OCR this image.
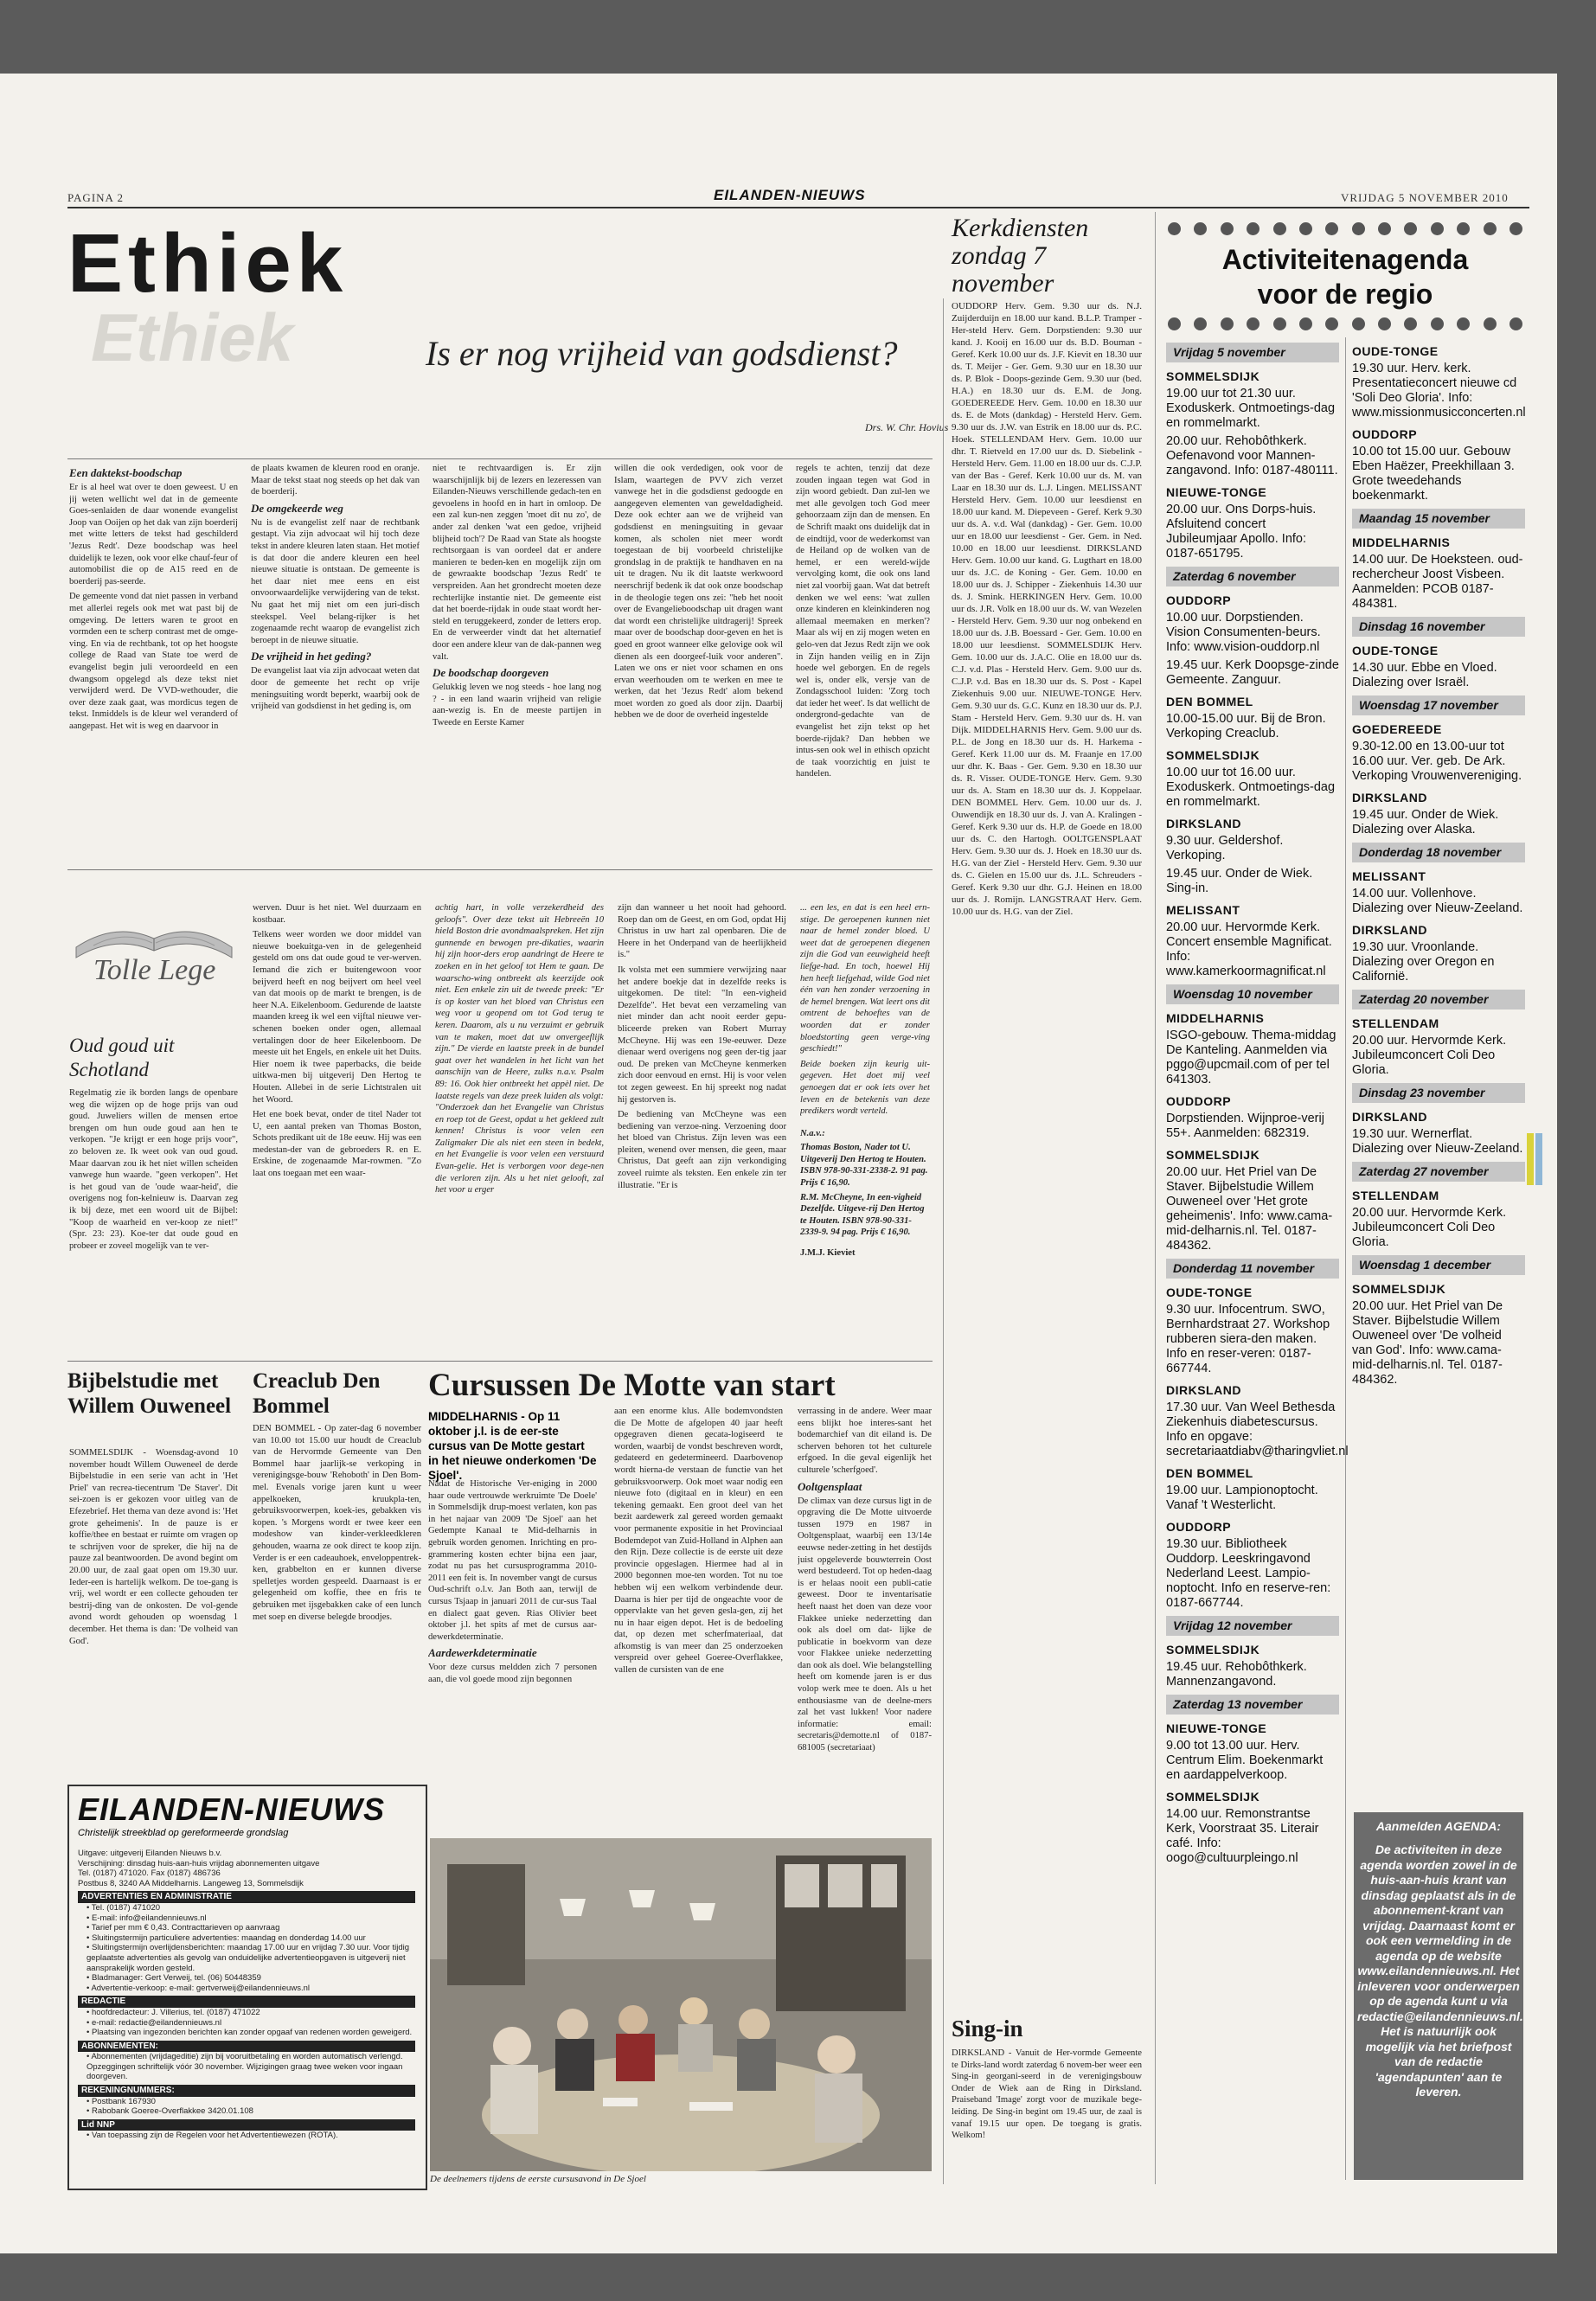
PAGINA 2	EILANDEN-NIEUWS	VRIJDAG 5 NOVEMBER 2010
Ethiek
Ethiek	Is er nog vrijheid van godsdienst?
Drs. W. Chr. Hovius
Een daktekst-boodschap

Er is al heel wat over te doen geweest. U en jij weten wellicht wel dat in de gemeente Goes-senlaiden de daar wonende evangelist Joop van Ooijen op het dak van zijn boerderij met witte letters de tekst had geschilderd 'Jezus Redt'. Deze boodschap was heel duidelijk te lezen, ook voor elke chauf-feur of automobilist die op de A15 reed en de boerderij pas-seerde.

De gemeente vond dat niet passen in verband met allerlei regels ook met wat past bij de omgeving. De letters waren te groot en vormden een te scherp contrast met de omge-ving. En via de rechtbank, tot op het hoogste college de Raad van State toe werd de evangelist begin juli veroordeeld en een dwangsom opgelegd als deze tekst niet verwijderd werd. De VVD-wethouder, die over deze zaak gaat, was mordicus tegen de tekst. Inmiddels is de kleur wel veranderd of aangepast. Het wit is weg en daarvoor in

de plaats kwamen de kleuren rood en oranje. Maar de tekst staat nog steeds op het dak van de boerderij.

De omgekeerde weg

Nu is de evangelist zelf naar de rechtbank gestapt. Via zijn advocaat wil hij toch deze tekst in andere kleuren laten staan. Het motief is dat door die andere kleuren een heel nieuwe situatie is ontstaan. De gemeente is het daar niet mee eens en eist onvoorwaardelijke verwijdering van de tekst. Nu gaat het mij niet om een juri-disch steekspel. Veel belang-rijker is het zogenaamde recht waarop de evangelist zich beroept in de nieuwe situatie.

De vrijheid in het geding?

De evangelist laat via zijn advocaat weten dat door de gemeente het recht op vrije meningsuiting wordt beperkt, waarbij ook de vrijheid van godsdienst in het geding is, om

niet te rechtvaardigen is. Er zijn waarschijnlijk bij de lezers en lezeressen van Eilanden-Nieuws verschillende gedach-ten en gevoelens in hoofd en in hart in omloop. De een zal kun-nen zeggen 'moet dit nu zo', de ander zal denken 'wat een gedoe, vrijheid blijheid toch'? De Raad van State als hoogste rechtsorgaan is van oordeel dat er andere manieren te beden-ken en mogelijk zijn om de gewraakte boodschap 'Jezus Redt' te verspreiden. Aan het grondrecht moeten deze rechterlijke instantie niet. De gemeente eist dat het boerde-rijdak in oude staat wordt her-steld en teruggekeerd, zonder de letters erop. En de verweerder vindt dat het alternatief door een andere kleur van de dak-pannen weg valt.

De boodschap doorgeven

Gelukkig leven we nog steeds - hoe lang nog ? - in een land waarin vrijheid van religie aan-wezig is. En de meeste partijen in Tweede en Eerste Kamer

willen die ook verdedigen, ook voor de Islam, waartegen de PVV zich verzet vanwege het in die godsdienst gedoogde en aangegeven elementen van geweldadigheid. Deze ook echter aan we de vrijheid van godsdienst en meningsuiting in gevaar komen, als scholen niet meer wordt toegestaan de bij voorbeeld christelijke grondslag in de praktijk te handhaven en na uit te dragen. Nu ik dit laatste werkwoord neerschrijf bedenk ik dat ook onze boodschap in de theologie tegen ons zei: "heb het nooit over de Evangelieboodschap uit dragen want dat wordt een christelijke uitdragerij! Spreek maar over de boodschap door-geven en het is goed en groot wanneer elke gelovige ook wil dienen als een doorgeef-luik voor anderen". Laten we ons er niet voor schamen en ons ervan weerhouden om te werken en mee te werken, dat het 'Jezus Redt' alom bekend moet worden zo goed als door zijn. Daarbij hebben we de door de overheid ingestelde

regels te achten, tenzij dat deze zouden ingaan tegen wat God in zijn woord gebiedt. Dan zul-len we met alle gevolgen toch God meer gehoorzaam zijn dan de mensen. En de Schrift maakt ons duidelijk dat in de eindtijd, voor de wederkomst van de Heiland op de wolken van de hemel, er een wereld-wijde vervolging komt, die ook ons land niet zal voorbij gaan. Wat dat betreft denken we wel eens: 'wat zullen onze kinderen en kleinkinderen nog allemaal meemaken en merken'? Maar als wij en zij mogen weten en gelo-ven dat Jezus Redt zijn we ook in Zijn handen veilig en in Zijn hoede wel geborgen. En de regels wel is, onder elk, versje van de Zondagsschool luiden: 'Zorg toch dat ieder het weet'. Is dat wellicht de ondergrond-gedachte van de evangelist het zijn tekst op het boerde-rijdak? Dan hebben we intus-sen ook wel in ethisch opzicht de taak voorzichtig en juist te handelen.

Tolle Lege
Oud goud uit Schotland

Regelmatig zie ik borden langs de openbare weg die wijzen op de hoge prijs van oud goud. Juweliers willen de mensen ertoe brengen om hun oude goud aan hen te verkopen. "Je krijgt er een hoge prijs voor", zo beloven ze. Ik weet ook van oud goud. Maar daarvan zou ik het niet willen scheiden vanwege hun waarde. "geen verkopen". Het is het goud van de 'oude waar-heid', die overigens nog fon-kelnieuw is. Daarvan zeg ik bij deze, met een woord uit de Bijbel: "Koop de waarheid en ver-koop ze niet!" (Spr. 23: 23). Koe-ter dat oude goud en probeer er zoveel mogelijk van te ver-

werven. Duur is het niet. Wel duurzaam en kostbaar.

Telkens weer worden we door middel van nieuwe boekuitga-ven in de gelegenheid gesteld om ons dat oude goud te ver-werven. Iemand die zich er buitengewoon voor beijverd heeft en nog beijvert om heel veel van dat moois op de markt te brengen, is de heer N.A. Eikelenboom. Gedurende de laatste maanden kreeg ik wel een vijftal nieuwe ver-schenen boeken onder ogen, allemaal vertalingen door de heer Eikelenboom. De meeste uit het Engels, en enkele uit het Duits. Hier noem ik twee paperbacks, die beide uitkwa-men bij uitgeverij Den Hertog te Houten. Allebei in de serie Lichtstralen uit het Woord.

Het ene boek bevat, onder de titel Nader tot U, een aantal preken van Thomas Boston, Schots predikant uit de 18e eeuw. Hij was een medestan-der van de gebroeders R. en E. Erskine, de zogenaamde Mar-rowmen. "Zo laat ons toegaan met een waar-

achtig hart, in volle verzekerdheid des geloofs". Over deze tekst uit Hebreeën 10 hield Boston drie avondmaalspreken. Het zijn gunnende en bewogen pre-dikaties, waarin hij zijn hoor-ders erop aandringt de Heere te zoeken en in het geloof tot Hem te gaan. De waarscho-wing ontbreekt als keerzijde ook niet. Een enkele zin uit de tweede preek: "Er is op koster van het bloed van Christus een weg voor u geopend om tot God terug te keren. Daarom, als u nu verzuimt er gebruik van te maken, moet dat uw onvergeeflijk zijn." De vierde en laatste preek in de bundel gaat over het wandelen in het licht van het aanschijn van de Heere, zulks n.a.v. Psalm 89: 16. Ook hier ontbreekt het appèl niet. De laatste regels van deze preek luiden als volgt: "Onderzoek dan het Evangelie van Christus en roep tot de Geest, opdat u het gekleed zult kennen! Christus is voor velen een Zaligmaker Die als niet een steen in bedekt, en het Evangelie is voor velen een verstuurd Evan-gelie. Het is verborgen voor dege-nen die verloren zijn. Als u het niet gelooft, zal het voor u erger

zijn dan wanneer u het nooit had gehoord. Roep dan om de Geest, en om God, opdat Hij Christus in uw hart zal openbaren. Die de Heere in het Onderpand van de heerlijkheid is."

Ik volsta met een summiere verwijzing naar het andere boekje dat in dezelfde reeks is uitgekomen. De titel: "In een-vigheid Dezelfde". Het bevat een verzameling van niet minder dan acht nooit eerder gepu-bliceerde preken van Robert Murray McCheyne. Hij was een 19e-eeuwer. Deze dienaar werd overigens nog geen der-tig jaar oud. De preken van McCheyne kenmerken zich door eenvoud en ernst. Hij is voor velen tot zegen geweest. En hij spreekt nog nadat hij gestorven is.

De bediening van McCheyne was een bediening van verzoe-ning. Verzoening door het bloed van Christus. Zijn leven was een pleiten, wenend over mensen, die geen, maar Christus, Dat geeft aan zijn verkondiging zoveel ruimte als teksten. Een enkele zin ter illustratie. "Er is

... een les, en dat is een heel ern-stige. De geroepenen kunnen niet naar de hemel zonder bloed. U weet dat de geroepenen diegenen zijn die God van eeuwigheid heeft liefge-had. En toch, hoewel Hij hen heeft liefgehad, wilde God niet één van hen zonder verzoening in de hemel brengen. Wat leert ons dit omtrent de behoeftes van de woorden dat er zonder bloedstorting geen verge-ving geschiedt!"

Beide boeken zijn keurig uit-gegeven. Het doet mij veel genoegen dat er ook iets over het leven en de betekenis van deze predikers wordt verteld.

N.a.v.:
Thomas Boston, Nader tot U. Uitgeverij Den Hertog te Houten. ISBN 978-90-331-2338-2. 91 pag. Prijs € 16,90.
R.M. McCheyne, In een-vigheid Dezelfde. Uitgeve-rij Den Hertog te Houten. ISBN 978-90-331-2339-9. 94 pag. Prijs € 16,90.
J.M.J. Kieviet
Bijbelstudie met Willem Ouweneel
SOMMELSDIJK - Woensdag-avond 10 november houdt Willem Ouweneel de derde Bijbelstudie in een serie van acht in 'Het Priel' van recrea-tiecentrum 'De Staver'. Dit sei-zoen is er gekozen voor uitleg van de Efezebrief. Het thema van deze avond is: 'Het grote geheimenis'. In de pauze is er koffie/thee en bestaat er ruimte om vragen op te schrijven voor de spreker, die hij na de pauze zal beantwoorden. De avond begint om 20.00 uur, de zaal gaat open om 19.30 uur. Ieder-een is hartelijk welkom. De toe-gang is vrij, wel wordt er een collecte gehouden ter bestrij-ding van de onkosten. De vol-gende avond wordt gehouden op woensdag 1 december. Het thema is dan: 'De volheid van God'.
Creaclub Den Bommel
DEN BOMMEL - Op zater-dag 6 november van 10.00 tot 15.00 uur houdt de Creaclub van de Hervormde Gemeente van Den Bommel haar jaarlijk-se verkoping in verenigingsge-bouw 'Rehoboth' in Den Bom-mel. Evenals vorige jaren kunt u weer appelkoeken, kruukpla-ten, gebruiksvoorwerpen, koek-ies, gebakken vis kopen. 's Morgens wordt er twee keer een modeshow van kinder-verkleedkleren gehouden, waarna ze ook direct te koop zijn. Verder is er een cadeauhoek, enveloppentrek-ken, grabbelton en er kunnen diverse spelletjes worden gespeeld. Daarnaast is er gelegenheid om koffie, thee en fris te gebruiken met ijsgebakken cake of een lunch met soep en diverse belegde broodjes.
EILANDEN-NIEUWS
Christelijk streekblad op gereformeerde grondslag
Uitgave: uitgeverij Eilanden Nieuws b.v.
Verschijning: dinsdag huis-aan-huis vrijdag abonnementen uitgave
Tel. (0187) 471020. Fax (0187) 486736
Postbus 8, 3240 AA Middelharnis. Langeweg 13, Sommelsdijk
ADVERTENTIES EN ADMINISTRATIE
• Tel. (0187) 471020
• E-mail: info@eilandennieuws.nl
• Tarief per mm € 0,43. Contracttarieven op aanvraag
• Sluitingstermijn particuliere advertenties: maandag en donderdag 14.00 uur
• Sluitingstermijn overlijdensberichten: maandag 17.00 uur en vrijdag 7.30 uur. Voor tijdig geplaatste advertenties als gevolg van onduidelijke advertentieopgaven is uitgeverij niet aansprakelijk worden gesteld.
• Bladmanager: Gert Verweij, tel. (06) 50448359
• Advertentie-verkoop: e-mail: gertverweij@eilandennieuws.nl
REDACTIE
• hoofdredacteur: J. Villerius, tel. (0187) 471022
• e-mail: redactie@eilandennieuws.nl
• Plaatsing van ingezonden berichten kan zonder opgaaf van redenen worden geweigerd.
ABONNEMENTEN:
• Abonnementen (vrijdageditie) zijn bij vooruitbetaling en worden automatisch verlengd. Opzeggingen schriftelijk vóór 30 november. Wijzigingen graag twee weken voor ingaan doorgeven.
REKENINGNUMMERS:
• Postbank 167930
• Rabobank Goeree-Overflakkee 3420.01.108
Lid NNP
• Van toepassing zijn de Regelen voor het Advertentiewezen (ROTA).
Cursussen De Motte van start
MIDDELHARNIS - Op 11 oktober j.l. is de eer-ste cursus van De Motte gestart in het nieuwe onderkomen 'De Sjoel'.

Nadat de Historische Ver-eniging in 2000 haar oude vertrouwde werkruimte 'De Doele' in Sommelsdijk drup-moest verlaten, kon pas in het najaar van 2009 'De Sjoel' aan het Gedempte Kanaal te Mid-delharnis in gebruik worden genomen. Inrichting en pro-grammering kosten echter bijna een jaar, zodat nu pas het cursusprogramma 2010-2011 een feit is. In november vangt de cursus Oud-schrift o.l.v. Jan Both aan, terwijl de cursus Tsjaap in januari 2011 de cur-sus Taal en dialect gaat geven. Rias Olivier beet oktober j.l. het spits af met de cursus aar-dewerkdeterminatie.

Aardewerkdeterminatie

Voor deze cursus meldden zich 7 personen aan, die vol goede mood zijn begonnen

aan een enorme klus. Alle bodemvondsten die De Motte de afgelopen 40 jaar heeft opgegraven dienen gecata-logiseerd te worden, waarbij de vondst beschreven wordt, gedateerd en gedetermineerd. Daarbovenop wordt hierna-de verstaan de functie van het gebruiksvoorwerp. Ook moet waar nodig een nieuwe foto (digitaal en in kleur) en een tekening gemaakt. Een groot deel van het bezit aardewerk zal gereed worden gemaakt voor permanente expositie in het Provinciaal Bodemdepot van Zuid-Holland in Alphen aan den Rijn. Deze collectie is de eerste uit deze provincie opgeslagen. Hiermee had al in 2000 begonnen moe-ten worden. Tot nu toe hebben wij een welkom verbindende deur. Daarna is hier per tijd de ongeachte voor de oppervlakte van het geven gesla-gen, zij het nu in haar eigen depot. Het is de bedoeling dat, op dezen met scherfmateriaal, dat afkomstig is van meer dan 25 onderzoeken verspreid over geheel Goeree-Overflakkee, vallen de cursisten van de ene

verrassing in de andere. Weer maar eens blijkt hoe interes-sant het bodemarchief van dit eiland is. De scherven behoren tot het culturele erfgoed. In die geval eigenlijk het culturele 'scherfgoed'.

Ooltgensplaat

De climax van deze cursus ligt in de opgraving die De Motte uitvoerde tussen 1979 en 1987 in Ooltgensplaat, waarbij een 13/14e eeuwse neder-zetting in het destijds juist opgeleverde bouwterrein Oost werd bestudeerd. Tot op heden-daag is er helaas nooit een publi-catie geweest. Door te inventarisatie heeft naast het doen van deze voor Flakkee unieke nederzetting dan ook als doel om dat- lijke de publicatie in boekvorm van deze voor Flakkee unieke nederzetting dan ook als doel. Wie belangstelling heeft om komende jaren is er dus volop werk mee te doen. Als u het enthousiasme van de deelne-mers zal het vast lukken! Voor nadere informatie: email: secretaris@demotte.nl of 0187-681005 (secretariaat)

De deelnemers tijdens de eerste cursusavond in De Sjoel
Kerkdiensten zondag 7 november
OUDDORP Herv. Gem. 9.30 uur ds. N.J. Zuijderduijn en 18.00 uur kand. B.L.P. Tramper - Her-steld Herv. Gem. Dorpstienden: 9.30 uur kand. J. Kooij en 16.00 uur ds. B.D. Bouman - Geref. Kerk 10.00 uur ds. J.F. Kievit en 18.30 uur ds. T. Meijer - Ger. Gem. 9.30 uur en 18.30 uur ds. P. Blok - Doops-gezinde Gem. 9.30 uur (bed. H.A.) en 18.30 uur ds. E.M. de Jong. GOEDEREEDE Herv. Gem. 10.00 en 18.30 uur ds. E. de Mots (dankdag) - Hersteld Herv. Gem. 9.30 uur ds. J.W. van Estrik en 18.00 uur ds. P.C. Hoek. STELLENDAM Herv. Gem. 10.00 uur dhr. T. Rietveld en 17.00 uur ds. D. Siebelink - Hersteld Herv. Gem. 11.00 en 18.00 uur ds. C.J.P. van der Bas - Geref. Kerk 10.00 uur ds. M. van Laar en 18.30 uur ds. L.J. Lingen. MELISSANT Hersteld Herv. Gem. 10.00 uur leesdienst en 18.00 uur kand. M. Diepeveen - Geref. Kerk 9.30 uur ds. A. v.d. Wal (dankdag) - Ger. Gem. 10.00 uur en 18.00 uur leesdienst - Ger. Gem. in Ned. 10.00 en 18.00 uur leesdienst. DIRKSLAND Herv. Gem. 10.00 uur kand. G. Lugthart en 18.00 uur ds. J.C. de Koning - Ger. Gem. 10.00 en 18.00 uur ds. J. Schipper - Ziekenhuis 14.30 uur ds. J. Smink. HERKINGEN Herv. Gem. 10.00 uur ds. J.R. Volk en 18.00 uur ds. W. van Wezelen - Hersteld Herv. Gem. 9.30 uur nog onbekend en 18.00 uur ds. J.B. Boessard - Ger. Gem. 10.00 en 18.00 uur leesdienst. SOMMELSDIJK Herv. Gem. 10.00 uur ds. J.A.C. Olie en 18.00 uur ds. C.J. v.d. Plas - Hersteld Herv. Gem. 9.00 uur ds. C.J.P. v.d. Bas en 18.30 uur ds. S. Post - Kapel Ziekenhuis 9.00 uur. NIEUWE-TONGE Herv. Gem. 9.30 uur ds. G.C. Kunz en 18.30 uur ds. P.J. Stam - Hersteld Herv. Gem. 9.30 uur ds. H. van Dijk. MIDDELHARNIS Herv. Gem. 9.00 uur ds. P.L. de Jong en 18.30 uur ds. H. Harkema - Geref. Kerk 11.00 uur ds. M. Fraanje en 17.00 uur dhr. K. Baas - Ger. Gem. 9.30 en 18.30 uur ds. R. Visser. OUDE-TONGE Herv. Gem. 9.30 uur ds. A. Stam en 18.30 uur ds. J. Koppelaar. DEN BOMMEL Herv. Gem. 10.00 uur ds. J. Ouwendijk en 18.30 uur ds. J. van A. Kralingen - Geref. Kerk 9.30 uur ds. H.P. de Goede en 18.00 uur ds. C. den Hartogh. OOLTGENSPLAAT Herv. Gem. 9.30 uur ds. J. Hoek en 18.30 uur ds. H.G. van der Ziel - Hersteld Herv. Gem. 9.30 uur ds. C. Gielen en 15.00 uur ds. J.L. Schreuders - Geref. Kerk 9.30 uur dhr. G.J. Heinen en 18.00 uur ds. J. Romijn. LANGSTRAAT Herv. Gem. 10.00 uur ds. H.G. van der Ziel.
Sing-in
DIRKSLAND - Vanuit de Her-vormde Gemeente te Dirks-land wordt zaterdag 6 novem-ber weer een Sing-in georgani-seerd in de verenigingsbouw Onder de Wiek aan de Ring in Dirksland. Praiseband 'Image' zorgt voor de muzikale bege-leiding. De Sing-in begint om 19.45 uur, de zaal is vanaf 19.15 uur open. De toegang is gratis. Welkom!
Activiteitenagenda
voor de regio
Vrijdag 5 november
SOMMELSDIJK
19.00 uur tot 21.30 uur. Exoduskerk. Ontmoetings-dag en rommelmarkt.
20.00 uur. Rehobôthkerk. Oefenavond voor Mannen-zangavond. Info: 0187-480111.
NIEUWE-TONGE
20.00 uur. Ons Dorps-huis. Afsluitend concert Jubileumjaar Apollo. Info: 0187-651795.
Zaterdag 6 november
OUDDORP
10.00 uur. Dorpstienden. Vision Consumenten-beurs. Info: www.vision-ouddorp.nl
19.45 uur. Kerk Doopsge-zinde Gemeente. Zanguur.
DEN BOMMEL
10.00-15.00 uur. Bij de Bron. Verkoping Creaclub.
SOMMELSDIJK
10.00 uur tot 16.00 uur. Exoduskerk. Ontmoetings-dag en rommelmarkt.
DIRKSLAND
9.30 uur. Geldershof. Verkoping.
19.45 uur. Onder de Wiek. Sing-in.
MELISSANT
20.00 uur. Hervormde Kerk. Concert ensemble Magnificat. Info: www.kamerkoormagnificat.nl
Woensdag 10 november
MIDDELHARNIS
ISGO-gebouw. Thema-middag De Kanteling. Aanmelden via pggo@upcmail.com of per tel 641303.
OUDDORP
Dorpstienden. Wijnproe-verij 55+. Aanmelden: 682319.
SOMMELSDIJK
20.00 uur. Het Priel van De Staver. Bijbelstudie Willem Ouweneel over 'Het grote geheimenis'. Info: www.cama-mid-delharnis.nl. Tel. 0187-484362.
Donderdag 11 november
OUDE-TONGE
9.30 uur. Infocentrum. SWO, Bernhardstraat 27. Workshop rubberen siera-den maken. Info en reser-veren: 0187-667744.
DIRKSLAND
17.30 uur. Van Weel Bethesda Ziekenhuis diabetescursus. Info en opgave: secretariaatdiabv@tharingvliet.nl
DEN BOMMEL
19.00 uur. Lampionoptocht. Vanaf 't Westerlicht.
OUDDORP
19.30 uur. Bibliotheek Ouddorp. Leeskringavond Nederland Leest. Lampio-noptocht. Info en reserve-ren: 0187-667744.
Vrijdag 12 november
SOMMELSDIJK
19.45 uur. Rehobôthkerk. Mannenzangavond.
Zaterdag 13 november
NIEUWE-TONGE
9.00 tot 13.00 uur. Herv. Centrum Elim. Boekenmarkt en aardappelverkoop.
SOMMELSDIJK
14.00 uur. Remonstrantse Kerk, Voorstraat 35. Literair café. Info: oogo@cultuurpleingo.nl
OUDE-TONGE
19.30 uur. Herv. kerk. Presentatieconcert nieuwe cd 'Soli Deo Gloria'. Info: www.missionmusicconcerten.nl
OUDDORP
10.00 tot 15.00 uur. Gebouw Eben Haëzer, Preekhillaan 3. Grote tweedehands boekenmarkt.
Maandag 15 november
MIDDELHARNIS
14.00 uur. De Hoeksteen. oud-rechercheur Joost Visbeen. Aanmelden: PCOB 0187-484381.
Dinsdag 16 november
OUDE-TONGE
14.30 uur. Ebbe en Vloed. Dialezing over Israël.
Woensdag 17 november
GOEDEREEDE
9.30-12.00 en 13.00-uur tot 16.00 uur. Ver. geb. De Ark. Verkoping Vrouwenvereniging.
DIRKSLAND
19.45 uur. Onder de Wiek. Dialezing over Alaska.
Donderdag 18 november
MELISSANT
14.00 uur. Vollenhove. Dialezing over Nieuw-Zeeland.
DIRKSLAND
19.30 uur. Vroonlande. Dialezing over Oregon en Californië.
Zaterdag 20 november
STELLENDAM
20.00 uur. Hervormde Kerk. Jubileumconcert Coli Deo Gloria.
Dinsdag 23 november
DIRKSLAND
19.30 uur. Wernerflat. Dialezing over Nieuw-Zeeland.
Zaterdag 27 november
STELLENDAM
20.00 uur. Hervormde Kerk. Jubileumconcert Coli Deo Gloria.
Woensdag 1 december
SOMMELSDIJK
20.00 uur. Het Priel van De Staver. Bijbelstudie Willem Ouweneel over 'De volheid van God'. Info: www.cama-mid-delharnis.nl. Tel. 0187-484362.
Aanmelden AGENDA:
De activiteiten in deze agenda worden zowel in de huis-aan-huis krant van dinsdag geplaatst als in de abonnement-krant van vrijdag. Daarnaast komt er ook een vermelding in de agenda op de website www.eilandennieuws.nl. Het inleveren voor onderwerpen op de agenda kunt u via redactie@eilandennieuws.nl. Het is natuurlijk ook mogelijk via het briefpost van de redactie 'agendapunten' aan te leveren.
